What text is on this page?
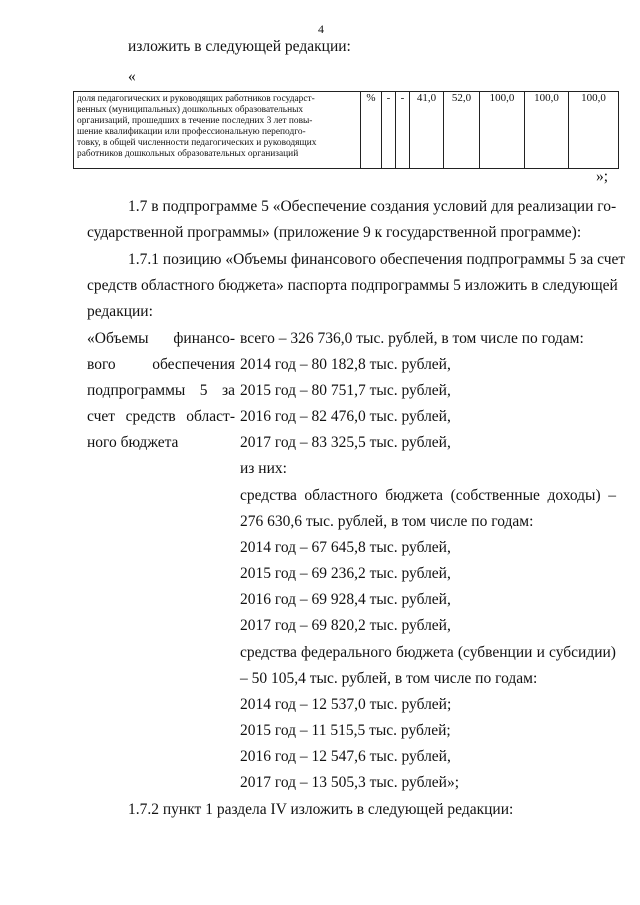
4
изложить в следующей редакции:
«
доля педагогических и руководящих работников государст-
венных (муниципальных) дошкольных образовательных
организаций, прошедших в течение последних 3 лет повы-
шение квалификации или профессиональную переподго-
товку, в общей численности педагогических и руководящих
работников дошкольных образовательных организаций
	%	-	-	41,0	52,0	100,0	100,0	100,0
»;
1.7 в подпрограмме 5 «Обеспечение создания условий для реализации го-
сударственной программы» (приложение 9 к государственной программе):
1.7.1 позицию «Объемы финансового обеспечения подпрограммы 5 за счет
средств областного бюджета» паспорта подпрограммы 5 изложить в следующей
редакции:
«Объемы финансо-
вого обеспечения
подпрограммы 5 за
счет средств област-
ного бюджета
всего – 326 736,0 тыс. рублей, в том числе по годам:
2014 год – 80 182,8 тыс. рублей,
2015 год – 80 751,7 тыс. рублей,
2016 год – 82 476,0 тыс. рублей,
2017 год – 83 325,5 тыс. рублей,
из них:
средства областного бюджета (собственные доходы) –
276 630,6 тыс. рублей, в том числе по годам:
2014 год – 67 645,8 тыс. рублей,
2015 год – 69 236,2 тыс. рублей,
2016 год – 69 928,4 тыс. рублей,
2017 год – 69 820,2 тыс. рублей,
средства федерального бюджета (субвенции и субсидии)
– 50 105,4 тыс. рублей, в том числе по годам:
2014 год – 12 537,0 тыс. рублей;
2015 год – 11 515,5 тыс. рублей;
2016 год – 12 547,6 тыс. рублей,
2017 год – 13 505,3 тыс. рублей»;
1.7.2 пункт 1 раздела IV изложить в следующей редакции:
